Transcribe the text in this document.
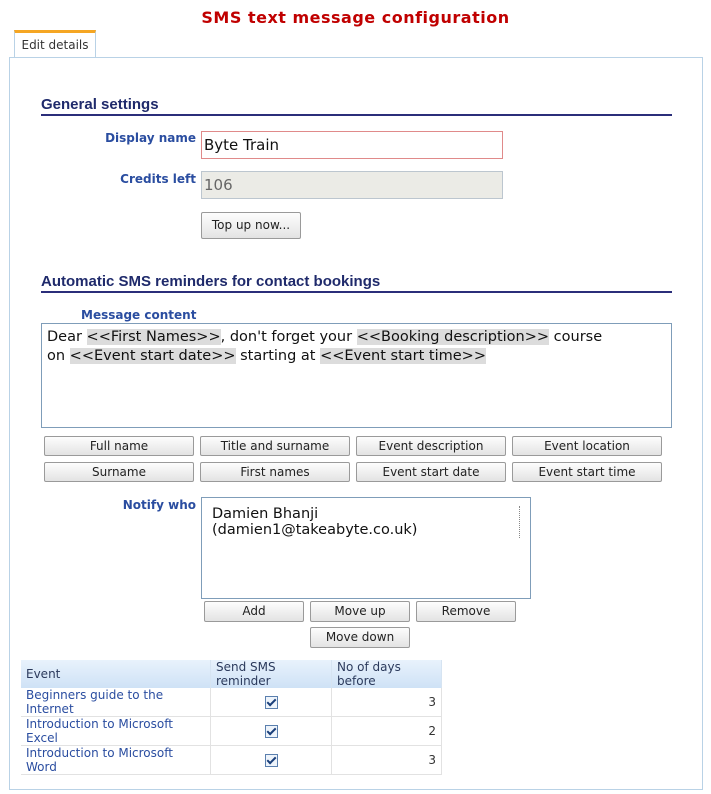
SMS text message configuration
Edit details
General settings
Display name
Byte Train
Credits left
106
Top up now...
Automatic SMS reminders for contact bookings
Message content
Dear <<First Names>>, don't forget your <<Booking description>> course
on <<Event start date>> starting at <<Event start time>>
Full name	Title and surname	Event description	Event location
Surname	First names	Event start date	Event start time
Notify who
Damien Bhanji (damien1@takeabyte.co.uk)
Add	Move up	Remove
Move down
Event	Send SMS reminder	No of days before
Beginners guide to the Internet		3
Introduction to Microsoft Excel		2
Introduction to Microsoft Word		3
